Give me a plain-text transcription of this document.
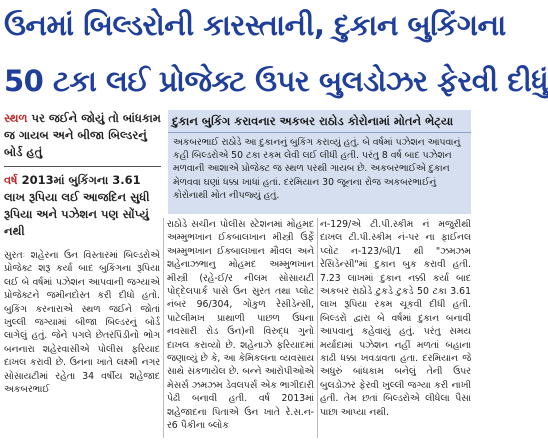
ઉનમાં બિલ્ડરોની કારસ્તાની, દુકાન બુકિંગના
50 ટકા લઈ પ્રોજેક્ટ ઉપર બુલડોઝર ફેરવી દીધું
સ્થળ પર જઈને જોયું તો બાંધકામ જ ગાયબ અને બીજા બિલ્ડરનું બોર્ડ હતું
વર્ષ 2013માં બુકિંગના 3.61 લાખ રૂપિયા લઈ આજદિન સુધી રૂપિયા અને પઝેશન પણ સોંપ્યું નથી
દુકાન બુકિંગ કરાવનાર અકબર રાઠોડ કોરોનામાં મોતને ભેટ્યા
અકબરભાઈ રાઠોડે આ દુકાનનું બુકિંગ કરાવ્યું હતું. બે વર્ષમાં પઝેશન આપવાનું કહી બિલ્ડરોએ 50 ટકા રકમ લેવી લઈ લીધી હતી. પરંતુ 8 વર્ષ બાદ પઝેશન મળવાની આશાએ પ્રોજેક્ટ જ સ્થળ પરથી ગાયબ છે. અકબરભાઈએ દુકાન મેળવવા ઘણાં ધક્કા ખાધાં હતાં. દરમિયાન 30 જૂનના રોજ અકબરભાઈનું કોરોનાથી મોત નીપજ્યું હતું.
સુરતઃ શહેરના ઉન વિસ્તારમાં બિલ્ડરોએ પ્રોજેક્ટ શરૂ કર્યા બાદ બુકિંગના રૂપિયા લઈ બે વર્ષમાં પઝેશન આપવાની જગ્યાએ પ્રોજેક્ટને જમીનદોસ્ત કરી દીધો હતો. બુકિંગ કરનારાએ સ્થળ જઈને જોતાં ખુલ્લી જગ્યામાં બીજા બિલ્ડરનું બોર્ડ લાગેલું હતું. જેને પગલે છેતરપિંડીનો ભોગ બનનારા શહેરવાસીએ પોલીસ ફરિયાદ દાખલ કરાવી છે. ઉનના ખાતે લક્ષ્મી નગર સોસાયટીમાં રહેતા 34 વર્ષીય શહેજાદ અકબરભાઈ
રાઠોડે સચીન પોલીસ સ્ટેશનમાં મોહમદ અમ્મુભખાન ઈકબાલખાન મીસ્ત્રી ઉર્ફે અમ્મુભખાન ઈકબાલખાન મૌવલ અને શહેનાઝભાનુ મોહમદ અમ્મુભખાન મીસ્ત્રી (રહે-ઈ/ર નીલમ સોસાયટી પોદ્દેલપાર્ક પાસે ઉન સુરત તથા પ્લોટ નંબર 96/304, ગોકુળ રેસીડેન્સી, પાટેલીમખ પ્રાથાળી પાછળ ઉધના નવસારી રોડ ઉન)ની વિરુદ્ધ ગુનો દાખલ કરાવ્યો છે. શહેનાઝે ફરિયાદમાં જણાવ્યું છે કે, આ કેમિકલના વ્યવસાય સાથે સંકળાયેલ છે. બન્ને આરોપીઓએ મેસર્સ ઝમઝમ ડેવલપર્સ એક ભાગીદારી પેઢી બનાવી હતી. વર્ષ 2013માં શહેજાદના પિતાએ ઉન ખાતે રે.સ.ન-ર6 પૈકીના બ્લોક
ન-129/એ ટી.પી.સ્કીમ નં મજુરીથી દાખલ ટી.પી.સ્કીમ નં-પર ના ફાઈનલ પ્લોટ ન-123/બી/1 થી "ઝમઝમ રેસિડેન્સી"માં દુકાન બુક કરાવી હતી. 7.23 લાખમાં દુકાન નક્કી કર્યા બાદ અકબર રાઠોડે ટુકડે ટુકડે 50 ટકા 3.61 લાખ રૂપિયા રકમ ચૂકવી દીધી હતી. બિલ્ડરો દ્વારા બે વર્ષમાં દુકાન બનાવી આપવાનું કહેવાયું હતું. પરંતુ સમય મર્યાદામાં પઝેશન નહીં મળતાં બહાના કાઢી ધક્કા ખવડાવતા હતા. દરમિયાન જે અધુરું બાંધકામ બનેલું તેની ઉપર બુલડોઝર ફેરવી ખુલ્લી જગ્યા કરી નાખી હતી. તેમ છતાં બિલ્ડરોએ લીધેલા પૈસા પાછા આપ્યા નથી.
